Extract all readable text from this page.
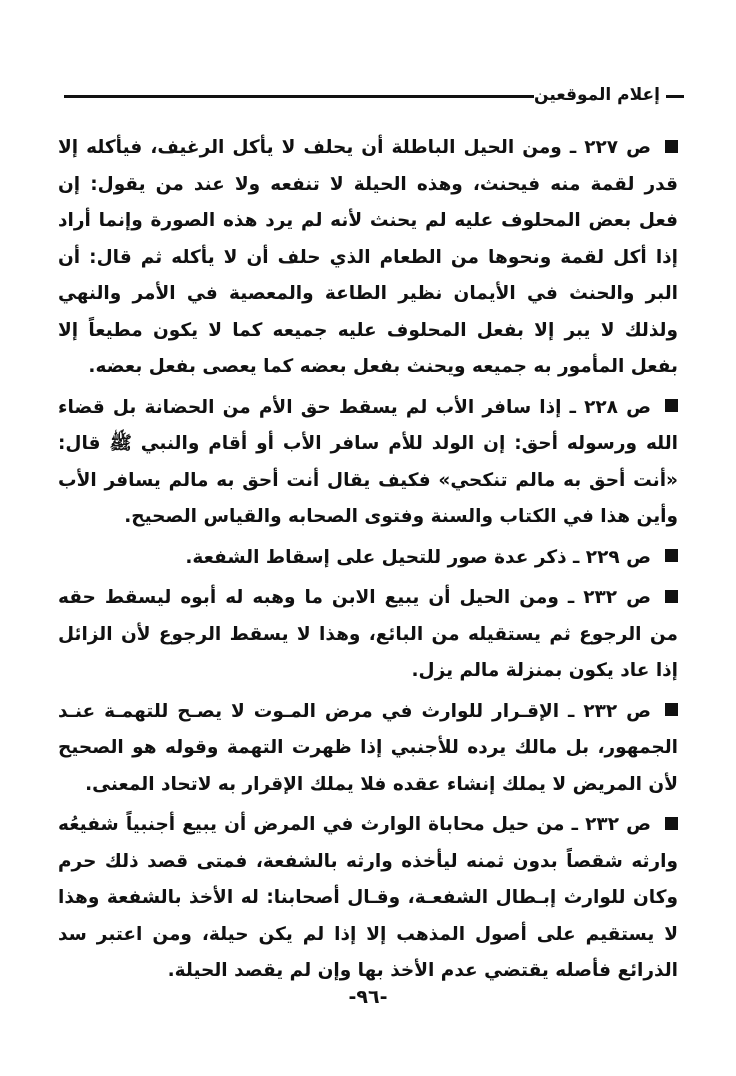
إعلام الموقعين

ص ٢٢٧ ـ ومن الحيل الباطلة أن يحلف لا يأكل الرغيف، فيأكله إلا قدر لقمة منه فيحنث، وهذه الحيلة لا تنفعه ولا عند من يقول: إن فعل بعض المحلوف عليه لم يحنث لأنه لم يرد هذه الصورة وإنما أراد إذا أكل لقمة ونحوها من الطعام الذي حلف أن لا يأكله ثم قال: أن البر والحنث في الأيمان نظير الطاعة والمعصية في الأمر والنهي ولذلك لا يبر إلا بفعل المحلوف عليه جميعه كما لا يكون مطيعاً إلا بفعل المأمور به جميعه ويحنث بفعل بعضه كما يعصى بفعل بعضه.

ص ٢٢٨ ـ إذا سافر الأب لم يسقط حق الأم من الحضانة بل قضاء الله ورسوله أحق: إن الولد للأم سافر الأب أو أقام والنبي ﷺ قال: «أنت أحق به مالم تنكحي» فكيف يقال أنت أحق به مالم يسافر الأب وأين هذا في الكتاب والسنة وفتوى الصحابه والقياس الصحيح.

ص ٢٢٩ ـ ذكر عدة صور للتحيل على إسقاط الشفعة.

ص ٢٣٢ ـ ومن الحيل أن يبيع الابن ما وهبه له أبوه ليسقط حقه من الرجوع ثم يستقيله من البائع، وهذا لا يسقط الرجوع لأن الزائل إذا عاد يكون بمنزلة مالم يزل.

ص ٢٣٢ ـ الإقـرار للوارث في مرض المـوت لا يصـح للتهمـة عنـد الجمهور، بل مالك يرده للأجنبي إذا ظهرت التهمة وقوله هو الصحيح لأن المريض لا يملك إنشاء عقده فلا يملك الإقرار به لاتحاد المعنى.

ص ٢٣٢ ـ من حيل محاباة الوارث في المرض أن يبيع أجنبياً شفيعُه وارثه شقصاً بدون ثمنه ليأخذه وارثه بالشفعة، فمتى قصد ذلك حرم وكان للوارث إبـطال الشفعـة، وقـال أصحابنا: له الأخذ بالشفعة وهذا لا يستقيم على أصول المذهب إلا إذا لم يكن حيلة، ومن اعتبر سد الذرائع فأصله يقتضي عدم الأخذ بها وإن لم يقصد الحيلة.

-٩٦-
